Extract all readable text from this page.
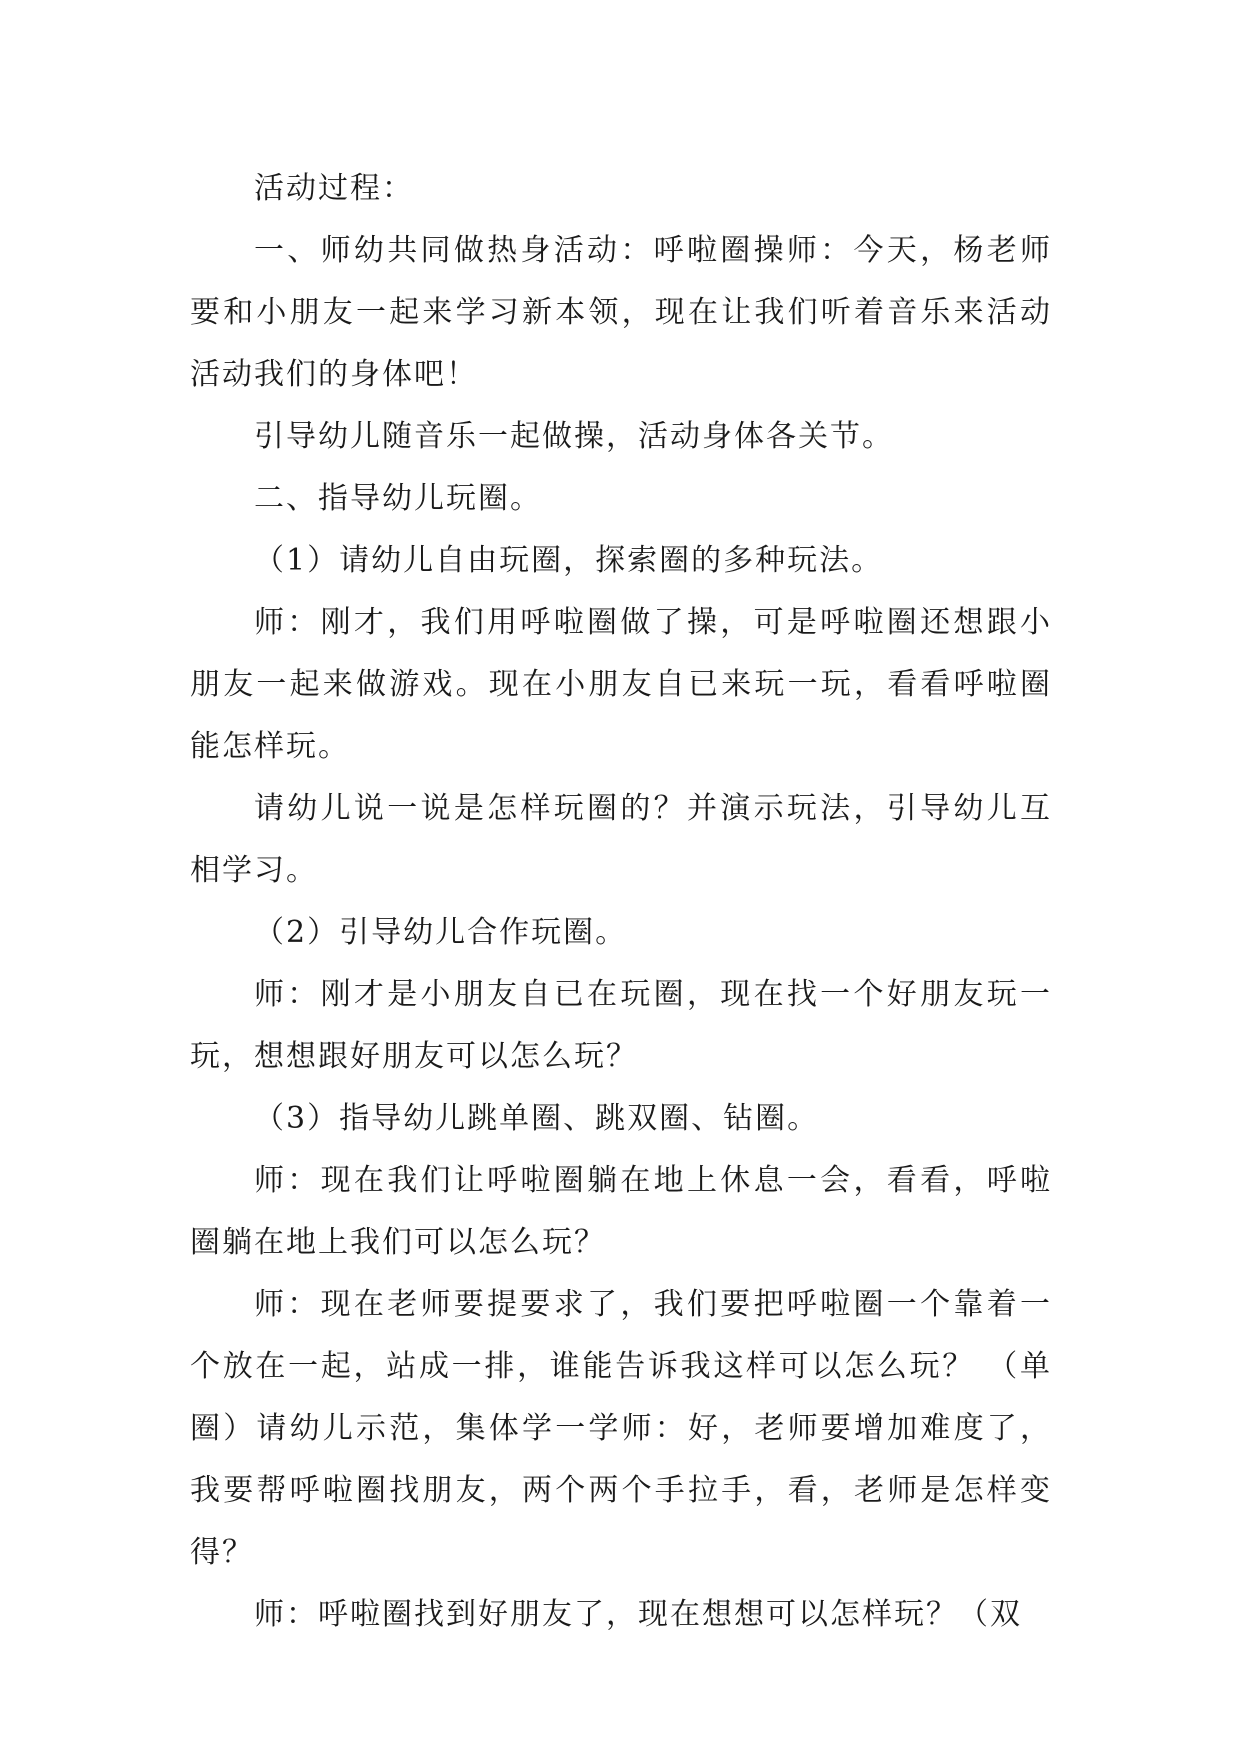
活动过程：

一、师幼共同做热身活动：呼啦圈操师：今天，杨老师要和小朋友一起来学习新本领，现在让我们听着音乐来活动活动我们的身体吧！

引导幼儿随音乐一起做操，活动身体各关节。

二、指导幼儿玩圈。

（1）请幼儿自由玩圈，探索圈的多种玩法。

师：刚才，我们用呼啦圈做了操，可是呼啦圈还想跟小朋友一起来做游戏。现在小朋友自已来玩一玩，看看呼啦圈能怎样玩。

请幼儿说一说是怎样玩圈的？并演示玩法，引导幼儿互相学习。

（2）引导幼儿合作玩圈。

师：刚才是小朋友自已在玩圈，现在找一个好朋友玩一玩，想想跟好朋友可以怎么玩？

（3）指导幼儿跳单圈、跳双圈、钻圈。

师：现在我们让呼啦圈躺在地上休息一会，看看，呼啦圈躺在地上我们可以怎么玩？

师：现在老师要提要求了，我们要把呼啦圈一个靠着一个放在一起，站成一排，谁能告诉我这样可以怎么玩？ （单圈）请幼儿示范，集体学一学师：好，老师要增加难度了，我要帮呼啦圈找朋友，两个两个手拉手，看，老师是怎样变得？

师：呼啦圈找到好朋友了，现在想想可以怎样玩？（双
